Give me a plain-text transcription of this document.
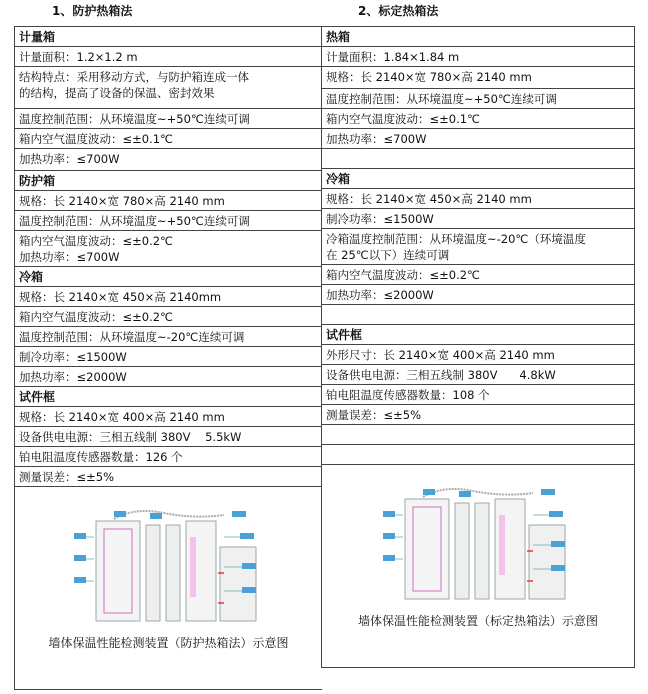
1、防护热箱法	2、标定热箱法
计量箱
计量面积：1.2×1.2 m
结构特点：采用移动方式，与防护箱连成一体
的结构，提高了设备的保温、密封效果
温度控制范围：从环境温度~+50℃连续可调
箱内空气温度波动：≤±0.1℃
加热功率：≤700W
防护箱
规格：长 2140×宽 780×高 2140 mm
温度控制范围：从环境温度~+50℃连续可调
箱内空气温度波动：≤±0.2℃
加热功率：≤700W
冷箱
规格：长 2140×宽 450×高 2140mm
箱内空气温度波动：≤±0.2℃
温度控制范围：从环境温度~-20℃连续可调
制冷功率：≤1500W
加热功率：≤2000W
试件框
规格：长 2140×宽 400×高 2140 mm
设备供电电源：三相五线制 380V    5.5kW
铂电阻温度传感器数量：126 个
测量误差：≤±5%
墙体保温性能检测装置（防护热箱法）示意图
热箱
计量面积：1.84×1.84 m
规格：长 2140×宽 780×高 2140 mm
温度控制范围：从环境温度~+50℃连续可调
箱内空气温度波动：≤±0.1℃
加热功率：≤700W
冷箱
规格：长 2140×宽 450×高 2140 mm
制冷功率：≤1500W
冷箱温度控制范围：从环境温度~-20℃（环境温度
在 25℃以下）连续可调
箱内空气温度波动：≤±0.2℃
加热功率：≤2000W
试件框
外形尺寸：长 2140×宽 400×高 2140 mm
设备供电电源：三相五线制 380V      4.8kW
铂电阻温度传感器数量：108 个
测量误差：≤±5%
墙体保温性能检测装置（标定热箱法）示意图
